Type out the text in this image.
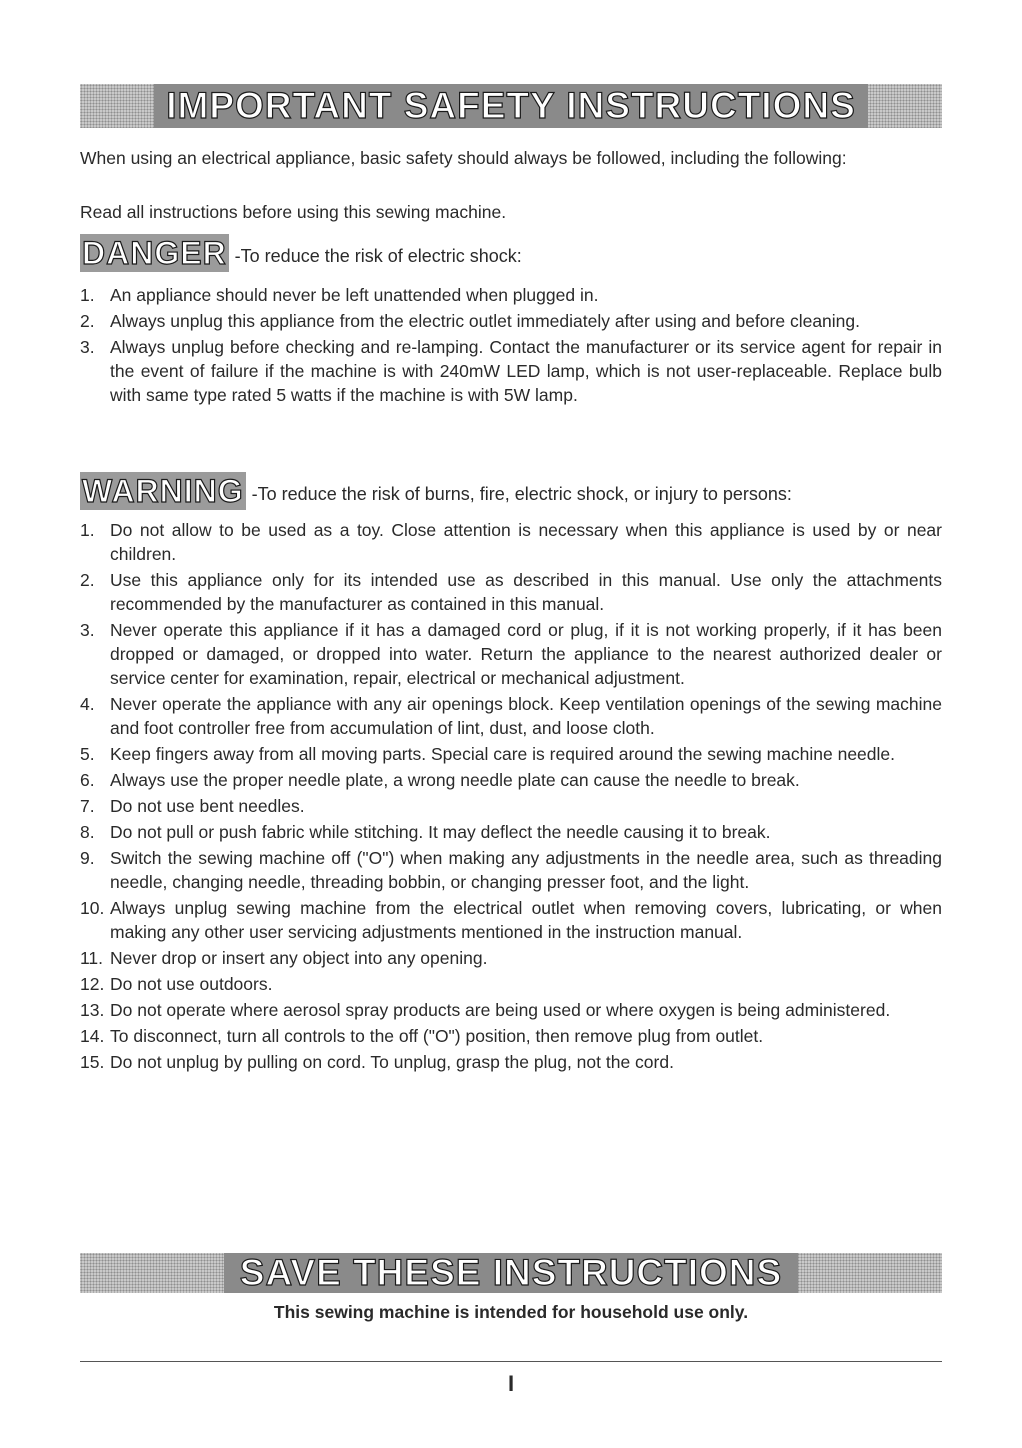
IMPORTANT SAFETY INSTRUCTIONS
When using an electrical appliance, basic safety should always be followed, including the following:
Read all instructions before using this sewing machine.
DANGER -To reduce the risk of electric shock:
1. An appliance should never be left unattended when plugged in.
2. Always unplug this appliance from the electric outlet immediately after using and before cleaning.
3. Always unplug before checking and re-lamping. Contact the manufacturer or its service agent for repair in the event of failure if the machine is with 240mW LED lamp, which is not user-replaceable. Replace bulb with same type rated 5 watts if the machine is with 5W lamp.
WARNING -To reduce the risk of burns, fire, electric shock, or injury to persons:
1. Do not allow to be used as a toy. Close attention is necessary when this appliance is used by or near children.
2. Use this appliance only for its intended use as described in this manual. Use only the attachments recommended by the manufacturer as contained in this manual.
3. Never operate this appliance if it has a damaged cord or plug, if it is not working properly, if it has been dropped or damaged, or dropped into water. Return the appliance to the nearest authorized dealer or service center for examination, repair, electrical or mechanical adjustment.
4. Never operate the appliance with any air openings block. Keep ventilation openings of the sewing machine and foot controller free from accumulation of lint, dust, and loose cloth.
5. Keep fingers away from all moving parts. Special care is required around the sewing machine needle.
6. Always use the proper needle plate, a wrong needle plate can cause the needle to break.
7. Do not use bent needles.
8. Do not pull or push fabric while stitching. It may deflect the needle causing it to break.
9. Switch the sewing machine off ("O") when making any adjustments in the needle area, such as threading needle, changing needle, threading bobbin, or changing presser foot, and the light.
10. Always unplug sewing machine from the electrical outlet when removing covers, lubricating, or when making any other user servicing adjustments mentioned in the instruction manual.
11. Never drop or insert any object into any opening.
12. Do not use outdoors.
13. Do not operate where aerosol spray products are being used or where oxygen is being administered.
14. To disconnect, turn all controls to the off ("O") position, then remove plug from outlet.
15. Do not unplug by pulling on cord. To unplug, grasp the plug, not the cord.
SAVE THESE INSTRUCTIONS
This sewing machine is intended for household use only.
I
